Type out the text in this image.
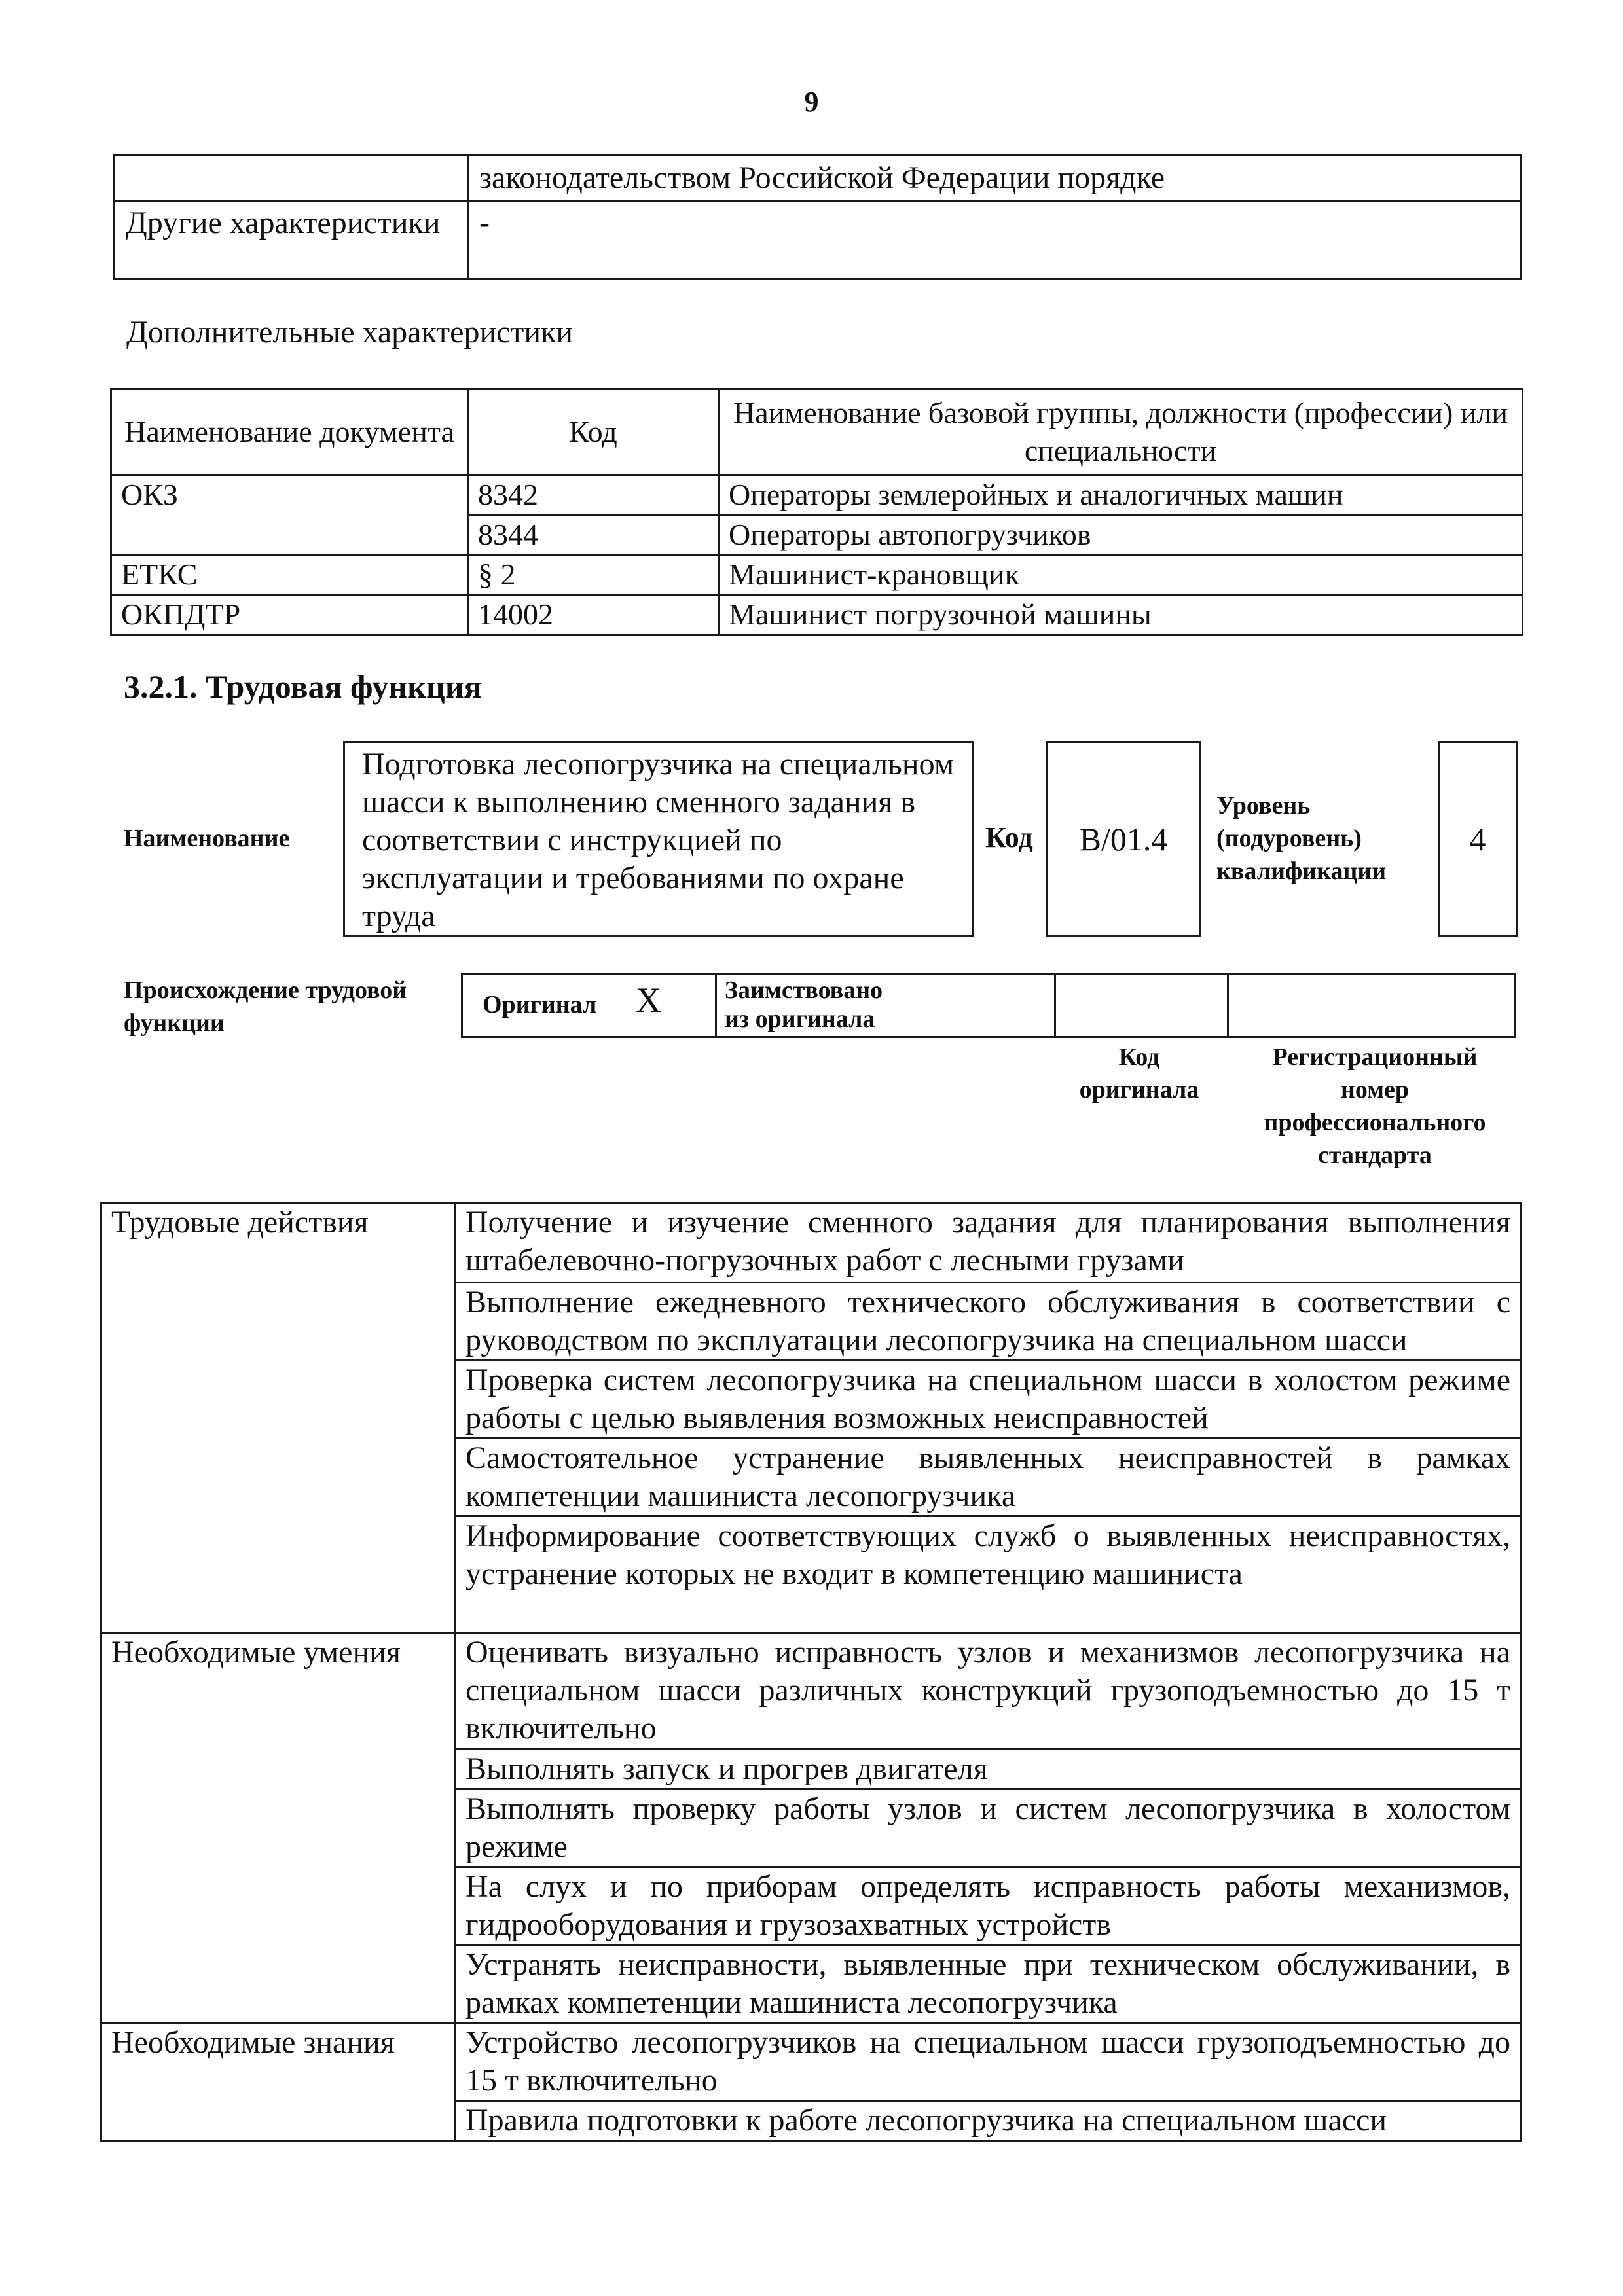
9
	законодательством Российской Федерации порядке
Другие характеристики	-
Дополнительные характеристики
Наименование документа	Код	Наименование базовой группы, должности (профессии) или специальности
ОКЗ	8342	Операторы землеройных и аналогичных машин
	8344	Операторы автопогрузчиков
ЕТКС	§ 2	Машинист-крановщик
ОКПДТР	14002	Машинист погрузочной машины
3.2.1. Трудовая функция
Наименование
Подготовка лесопогрузчика на специальном шасси к выполнению сменного задания в соответствии с инструкцией по эксплуатации и требованиями по охране труда
Код B/01.4
Уровень (подуровень) квалификации
4
Происхождение трудовой функции
Оригинал Х	Заимствовано из оригинала
Код оригинала
Регистрационный номер профессионального стандарта
Трудовые действия	Получение и изучение сменного задания для планирования выполнения штабелевочно-погрузочных работ с лесными грузами
	Выполнение ежедневного технического обслуживания в соответствии с руководством по эксплуатации лесопогрузчика на специальном шасси
	Проверка систем лесопогрузчика на специальном шасси в холостом режиме работы с целью выявления возможных неисправностей
	Самостоятельное устранение выявленных неисправностей в рамках компетенции машиниста лесопогрузчика
	Информирование соответствующих служб о выявленных неисправностях, устранение которых не входит в компетенцию машиниста
Необходимые умения	Оценивать визуально исправность узлов и механизмов лесопогрузчика на специальном шасси различных конструкций грузоподъемностью до 15 т включительно
	Выполнять запуск и прогрев двигателя
	Выполнять проверку работы узлов и систем лесопогрузчика в холостом режиме
	На слух и по приборам определять исправность работы механизмов, гидрооборудования и грузозахватных устройств
	Устранять неисправности, выявленные при техническом обслуживании, в рамках компетенции машиниста лесопогрузчика
Необходимые знания	Устройство лесопогрузчиков на специальном шасси грузоподъемностью до 15 т включительно
	Правила подготовки к работе лесопогрузчика на специальном шасси
